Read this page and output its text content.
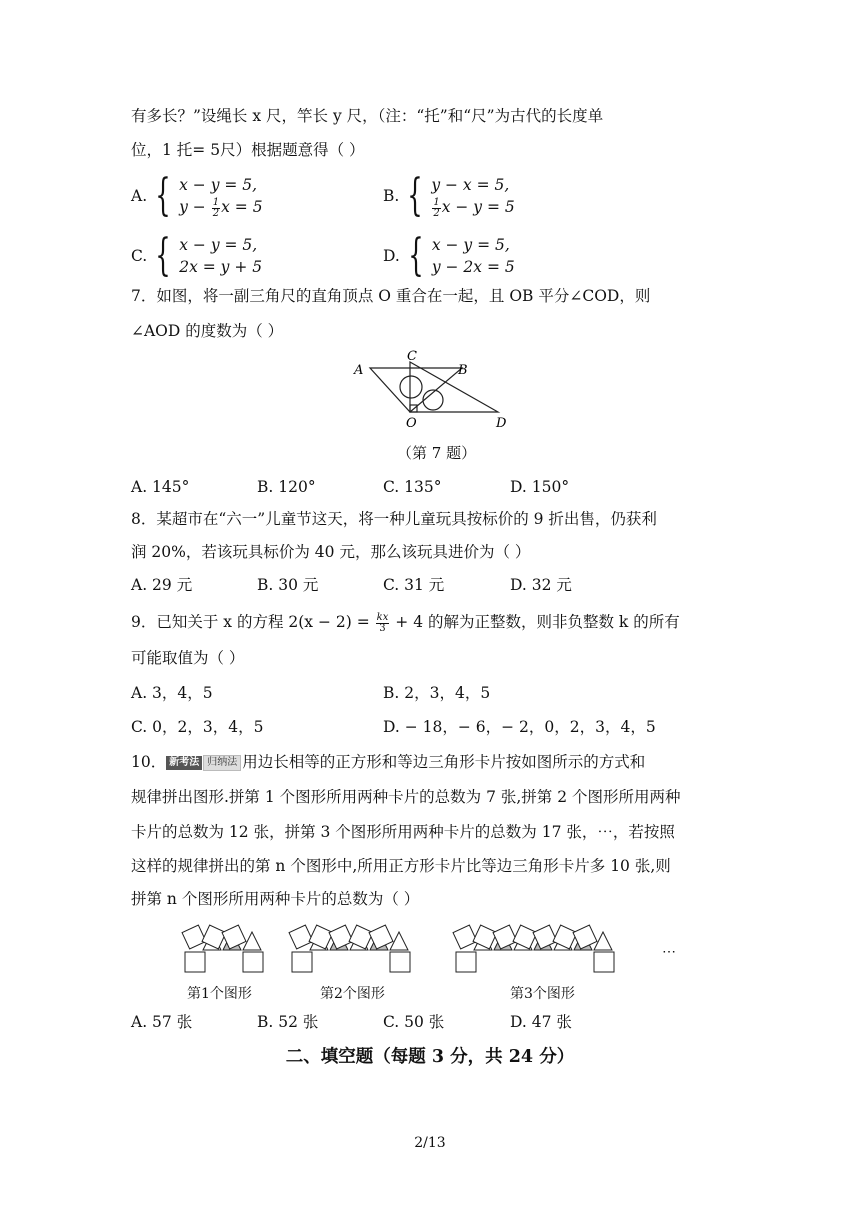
有多长？”设绳长 x 尺，竿长 y 尺，（注：“托”和“尺”为古代的长度单
位，1 托= 5尺）根据题意得（ ）
A. { x − y = 5,
$y - \frac{1}{2}$ x = 5
B. { y − x = 5,
$\frac{1}{2}$ x − y = 5
C. { x − y = 5,
2x = y + 5
D. { x − y = 5,
y − 2x = 5
7．如图，将一副三角尺的直角顶点 O 重合在一起，且 OB 平分∠COD，则
∠AOD 的度数为（ ）
A
C
B
O	D
（第 7 题）
A. 145°	B. 120°	C. 135°	D. 150°
8．某超市在“六一”儿童节这天，将一种儿童玩具按标价的 9 折出售，仍获利
润 20%，若该玩具标价为 40 元，那么该玩具进价为（ ）
A. 29 元	B. 30 元	C. 31 元	D. 32 元
9．已知关于 x 的方程 $2(x - 2) = \frac{kx}{3} + 4$ 的解为正整数，则非负整数 k 的所有
可能取值为（ ）
A. 3，4，5	B. 2，3，4，5
C. 0，2，3，4，5	D. − 18，− 6，− 2，0，2，3，4，5
10． 新考法 归纳法 用边长相等的正方形和等边三角形卡片按如图所示的方式和
规律拼出图形.拼第 1 个图形所用两种卡片的总数为 7 张,拼第 2 个图形所用两种
卡片的总数为 12 张，拼第 3 个图形所用两种卡片的总数为 17 张，⋯，若按照
这样的规律拼出的第 n 个图形中,所用正方形卡片比等边三角形卡片多 10 张,则
拼第 n 个图形所用两种卡片的总数为（ ）
第1个图形	第2个图形	第3个图形
⋯
A. 57 张	B. 52 张	C. 50 张	D. 47 张
二、填空题（每题 3 分，共 24 分）
2/13
